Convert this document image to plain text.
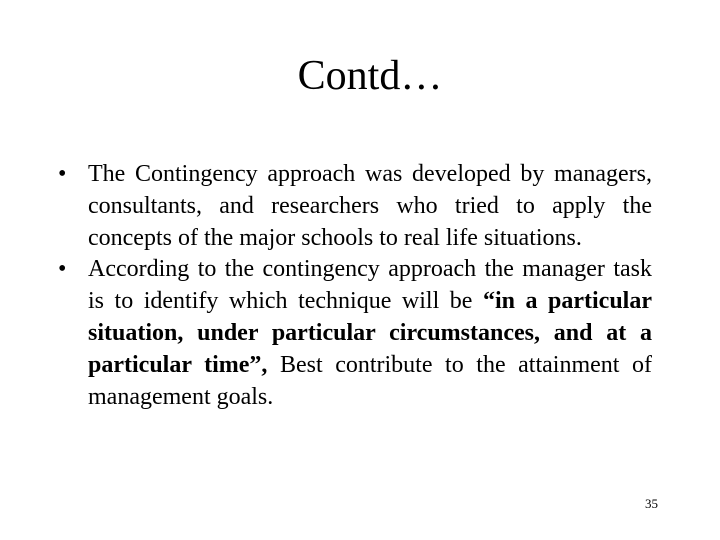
Contd…
• The Contingency approach was developed by managers, consultants, and researchers who tried to apply the concepts of the major schools to real life situations.
• According to the contingency approach the manager task is to identify which technique will be “in a particular situation, under particular circumstances, and at a particular time”, Best contribute to the attainment of management goals.
35
